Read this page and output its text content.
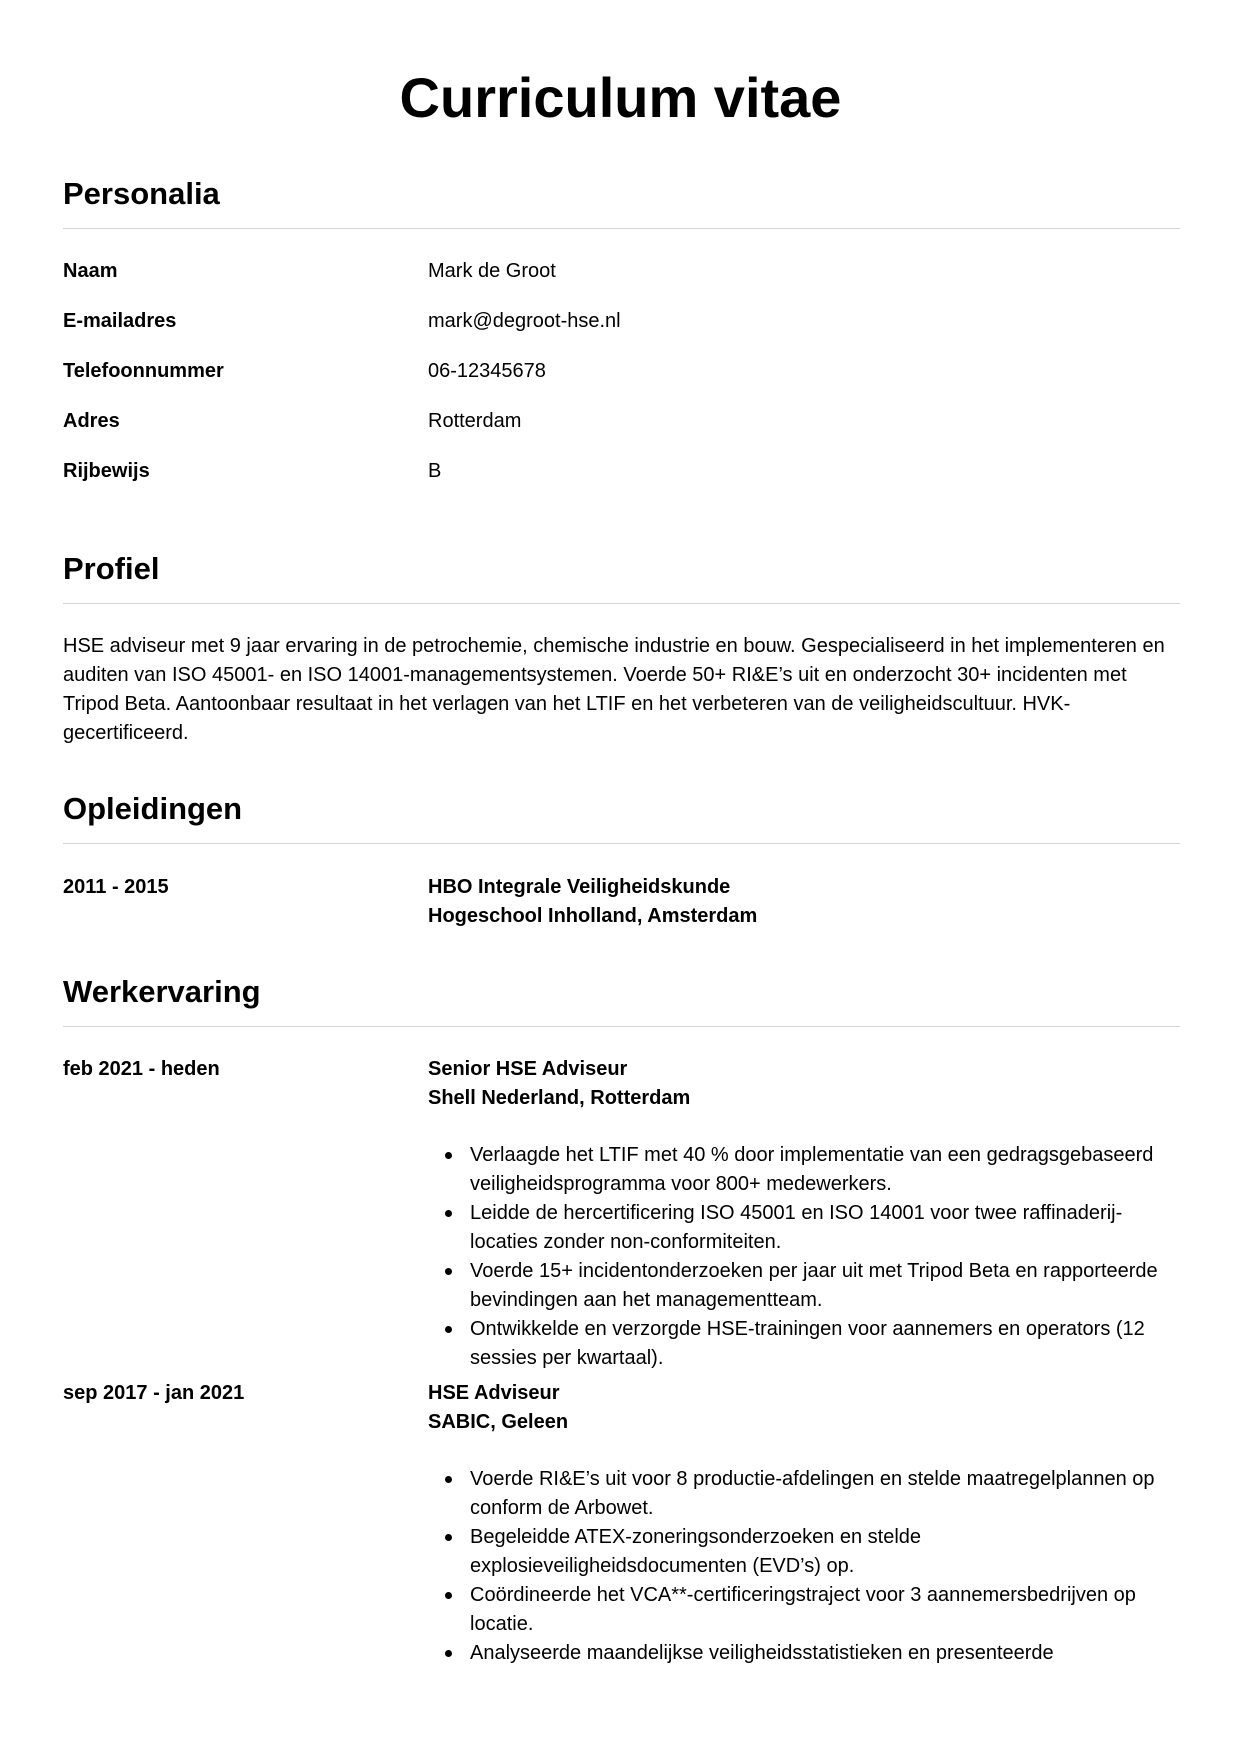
Curriculum vitae
Personalia
Naam	Mark de Groot
E-mailadres	mark@degroot-hse.nl
Telefoonnummer	06-12345678
Adres	Rotterdam
Rijbewijs	B
Profiel

HSE adviseur met 9 jaar ervaring in de petrochemie, chemische industrie en bouw. Gespecialiseerd in het implementeren en auditen van ISO 45001- en ISO 14001-managementsystemen. Voerde 50+ RI&E’s uit en onderzocht 30+ incidenten met Tripod Beta. Aantoonbaar resultaat in het verlagen van het LTIF en het verbeteren van de veiligheidscultuur. HVK-gecertificeerd.

Opleidingen
2011 - 2015	HBO Integrale Veiligheidskunde

Hogeschool Inholland, Amsterdam

Werkervaring
feb 2021 - heden	Senior HSE Adviseur

Shell Nederland, Rotterdam

Verlaagde het LTIF met 40 % door implementatie van een gedragsgebaseerd veiligheidsprogramma voor 800+ medewerkers.
Leidde de hercertificering ISO 45001 en ISO 14001 voor twee raffinaderij-locaties zonder non-conformiteiten.
Voerde 15+ incidentonderzoeken per jaar uit met Tripod Beta en rapporteerde bevindingen aan het managementteam.
Ontwikkelde en verzorgde HSE-trainingen voor aannemers en operators (12 sessies per kwartaal).
sep 2017 - jan 2021	HSE Adviseur

SABIC, Geleen

Voerde RI&E’s uit voor 8 productie-afdelingen en stelde maatregelplannen op conform de Arbowet.
Begeleidde ATEX-zoneringsonderzoeken en stelde explosieveiligheidsdocumenten (EVD’s) op.
Coördineerde het VCA**-certificeringstraject voor 3 aannemersbedrijven op locatie.
Analyseerde maandelijkse veiligheidsstatistieken en presenteerde
